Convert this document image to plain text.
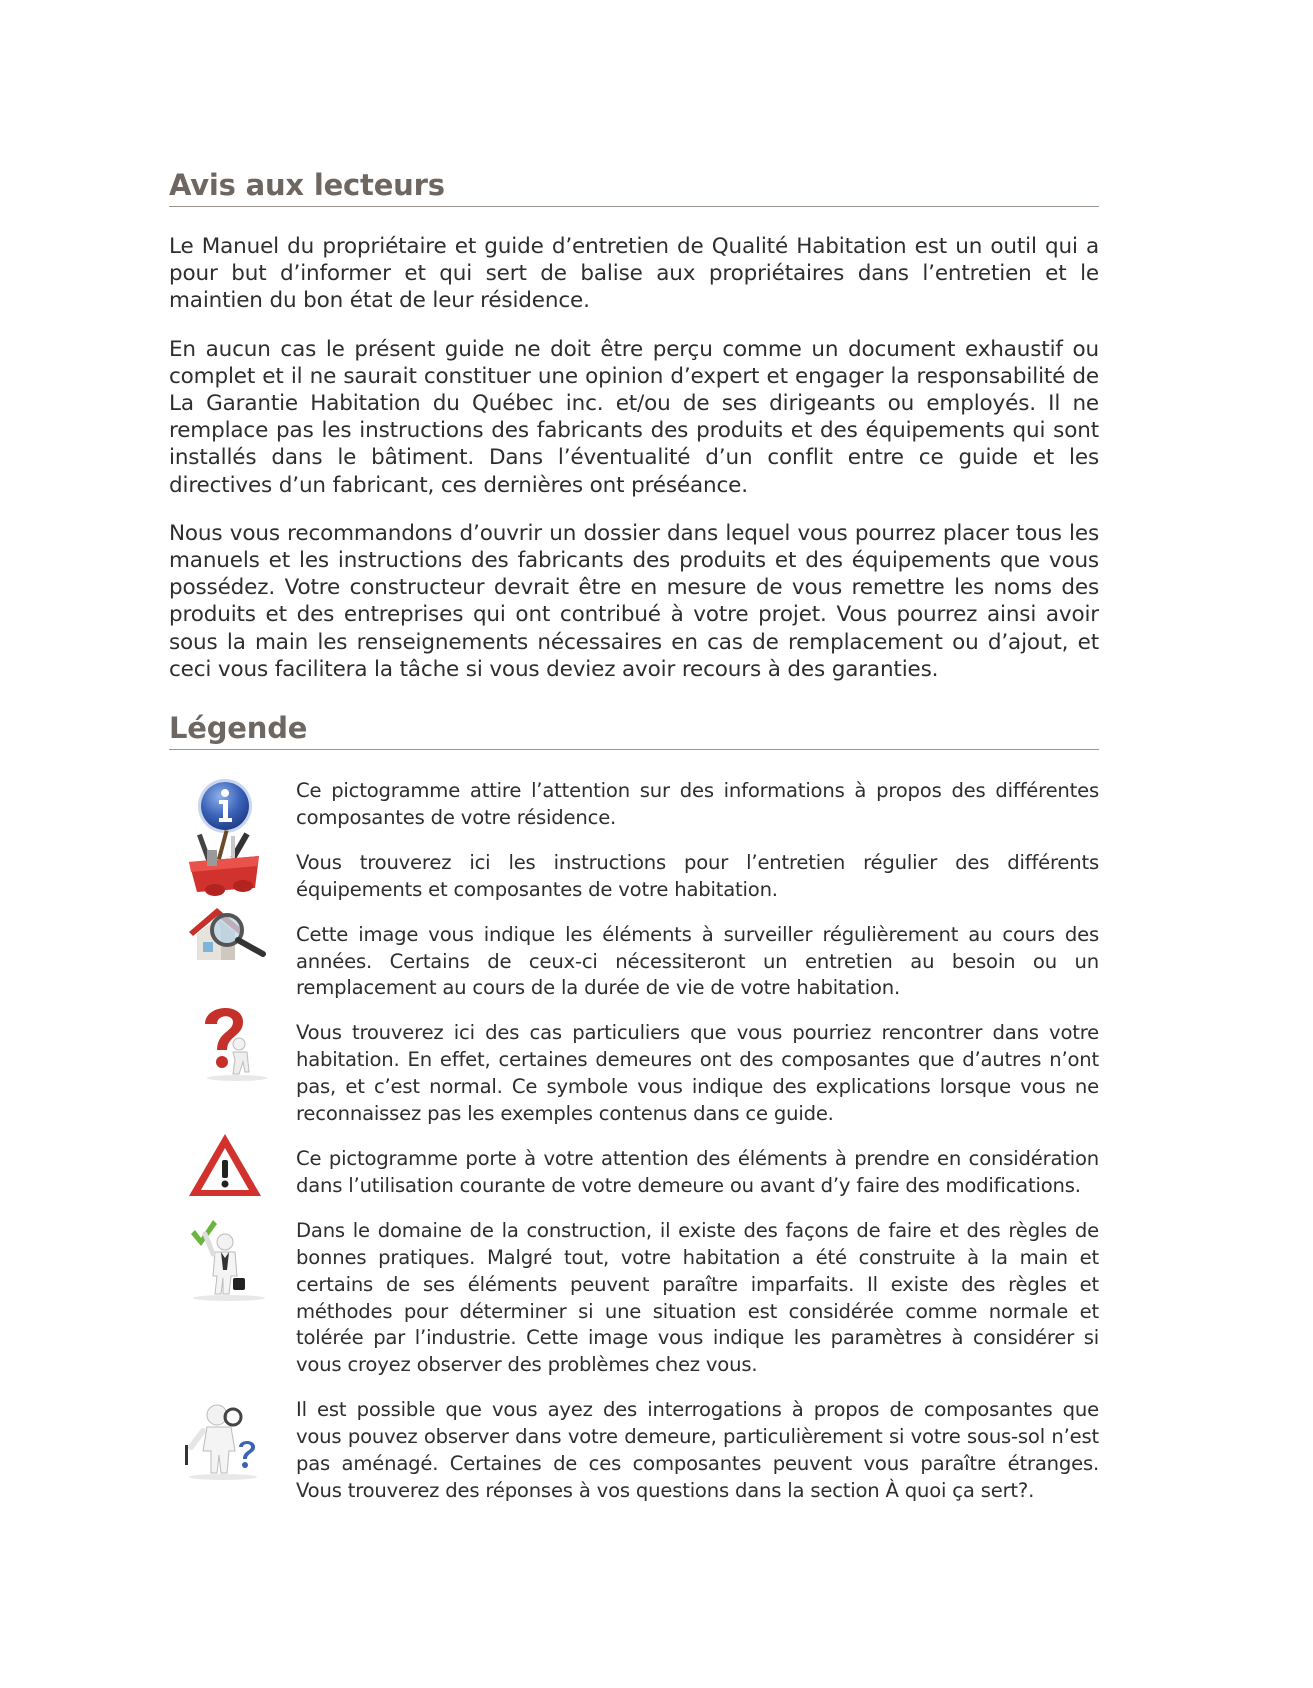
Avis aux lecteurs

Le Manuel du propriétaire et guide d’entretien de Qualité Habitation est un outil qui a pour but d’informer et qui sert de balise aux propriétaires dans l’entretien et le maintien du bon état de leur résidence.

En aucun cas le présent guide ne doit être perçu comme un document exhaustif ou complet et il ne saurait constituer une opinion d’expert et engager la responsabilité de La Garantie Habitation du Québec inc. et/ou de ses dirigeants ou employés. Il ne remplace pas les instructions des fabricants des produits et des équipements qui sont installés dans le bâtiment. Dans l’éventualité d’un conflit entre ce guide et les directives d’un fabricant, ces dernières ont préséance.

Nous vous recommandons d’ouvrir un dossier dans lequel vous pourrez placer tous les manuels et les instructions des fabricants des produits et des équipements que vous possédez. Votre constructeur devrait être en mesure de vous remettre les noms des produits et des entreprises qui ont contribué à votre projet. Vous pourrez ainsi avoir sous la main les renseignements nécessaires en cas de remplacement ou d’ajout, et ceci vous facilitera la tâche si vous deviez avoir recours à des garanties.

Légende

Ce pictogramme attire l’attention sur des informations à propos des différentes composantes de votre résidence.

Vous trouverez ici les instructions pour l’entretien régulier des différents équipements et composantes de votre habitation.

Cette image vous indique les éléments à surveiller régulièrement au cours des années. Certains de ceux-ci nécessiteront un entretien au besoin ou un remplacement au cours de la durée de vie de votre habitation.

Vous trouverez ici des cas particuliers que vous pourriez rencontrer dans votre habitation. En effet, certaines demeures ont des composantes que d’autres n’ont pas, et c’est normal. Ce symbole vous indique des explications lorsque vous ne reconnaissez pas les exemples contenus dans ce guide.

Ce pictogramme porte à votre attention des éléments à prendre en considération dans l’utilisation courante de votre demeure ou avant d’y faire des modifications.

Dans le domaine de la construction, il existe des façons de faire et des règles de bonnes pratiques. Malgré tout, votre habitation a été construite à la main et certains de ses éléments peuvent paraître imparfaits. Il existe des règles et méthodes pour déterminer si une situation est considérée comme normale et tolérée par l’industrie. Cette image vous indique les paramètres à considérer si vous croyez observer des problèmes chez vous.

Il est possible que vous ayez des interrogations à propos de composantes que vous pouvez observer dans votre demeure, particulièrement si votre sous-sol n’est pas aménagé. Certaines de ces composantes peuvent vous paraître étranges. Vous trouverez des réponses à vos questions dans la section À quoi ça sert?.
